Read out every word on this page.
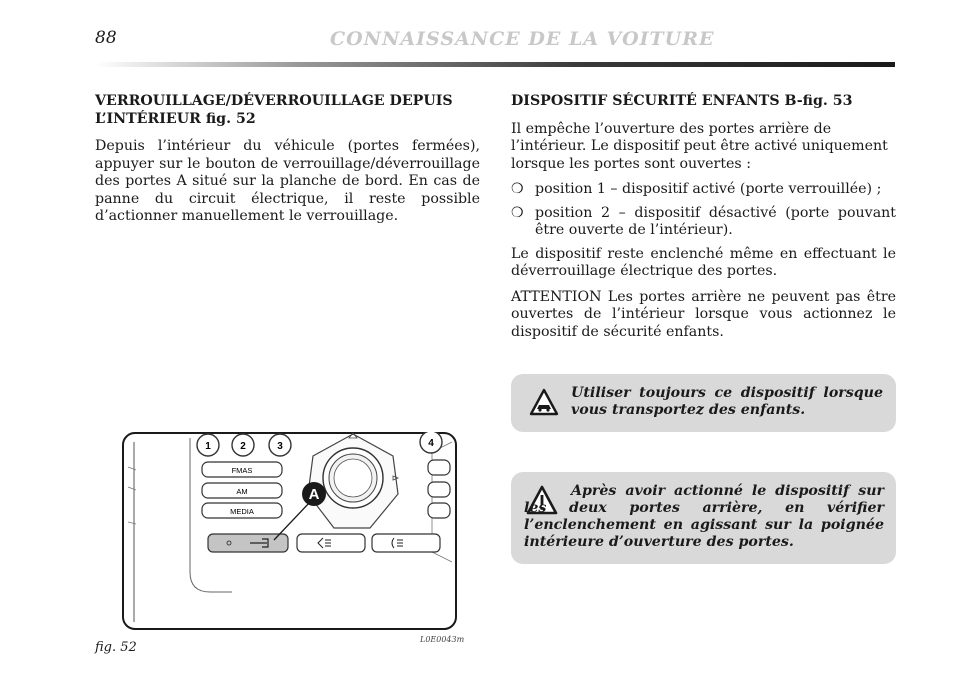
88	CONNAISSANCE DE LA VOITURE
VERROUILLAGE/DÉVERROUILLAGE DEPUIS
L’INTÉRIEUR fig. 52

Depuis l’intérieur du véhicule (portes fermées), appuyer sur le bouton de verrouillage/déverrouillage des portes A situé sur la planche de bord. En cas de panne du circuit électrique, il reste possible d’actionner manuellement le verrouillage.

DISPOSITIF SÉCURITÉ ENFANTS B-fig. 53

Il empêche l’ouverture des portes arrière de l’intérieur. Le dispositif peut être activé uniquement lorsque les portes sont ouvertes :

❍ position 1 – dispositif activé (porte verrouillée) ;
❍ position 2 – dispositif désactivé (porte pouvant être ouverte de l’intérieur).

Le dispositif reste enclenché même en effectuant le déverrouillage électrique des portes.

ATTENTION Les portes arrière ne peuvent pas être ouvertes de l’intérieur lorsque vous actionnez le dispositif de sécurité enfants.

Utiliser toujours ce dispositif lorsque vous transportez des enfants.
Après avoir actionné le dispositif sur les deux portes arrière, en vérifier l’enclenchement en agissant sur la poignée intérieure d’ouverture des portes.
1	2	3	4
FMAS
AM
MEDIA
A
fig. 52
L0E0043m
